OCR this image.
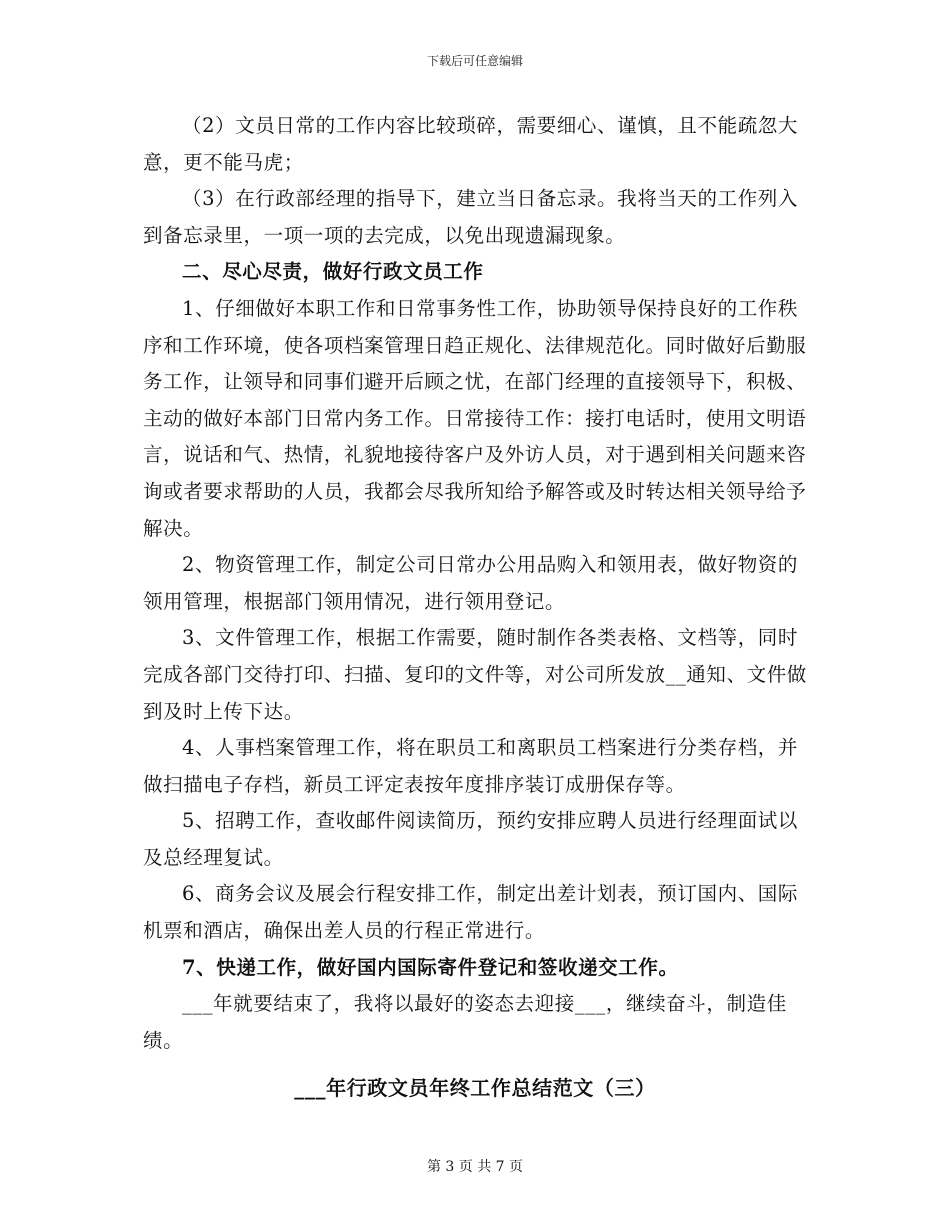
下载后可任意编辑

（2）文员日常的工作内容比较琐碎，需要细心、谨慎，且不能疏忽大意，更不能马虎；

（3）在行政部经理的指导下，建立当日备忘录。我将当天的工作列入到备忘录里，一项一项的去完成，以免出现遗漏现象。

二、尽心尽责，做好行政文员工作

1、仔细做好本职工作和日常事务性工作，协助领导保持良好的工作秩序和工作环境，使各项档案管理日趋正规化、法律规范化。同时做好后勤服务工作，让领导和同事们避开后顾之忧，在部门经理的直接领导下，积极、主动的做好本部门日常内务工作。日常接待工作：接打电话时，使用文明语言，说话和气、热情，礼貌地接待客户及外访人员，对于遇到相关问题来咨询或者要求帮助的人员，我都会尽我所知给予解答或及时转达相关领导给予解决。

2、物资管理工作，制定公司日常办公用品购入和领用表，做好物资的领用管理，根据部门领用情况，进行领用登记。

3、文件管理工作，根据工作需要，随时制作各类表格、文档等，同时完成各部门交待打印、扫描、复印的文件等，对公司所发放__通知、文件做到及时上传下达。

4、人事档案管理工作，将在职员工和离职员工档案进行分类存档，并做扫描电子存档，新员工评定表按年度排序装订成册保存等。

5、招聘工作，查收邮件阅读简历，预约安排应聘人员进行经理面试以及总经理复试。

6、商务会议及展会行程安排工作，制定出差计划表，预订国内、国际机票和酒店，确保出差人员的行程正常进行。

7、快递工作，做好国内国际寄件登记和签收递交工作。

___年就要结束了，我将以最好的姿态去迎接___，继续奋斗，制造佳绩。

___年行政文员年终工作总结范文（三）
第 3 页 共 7 页
